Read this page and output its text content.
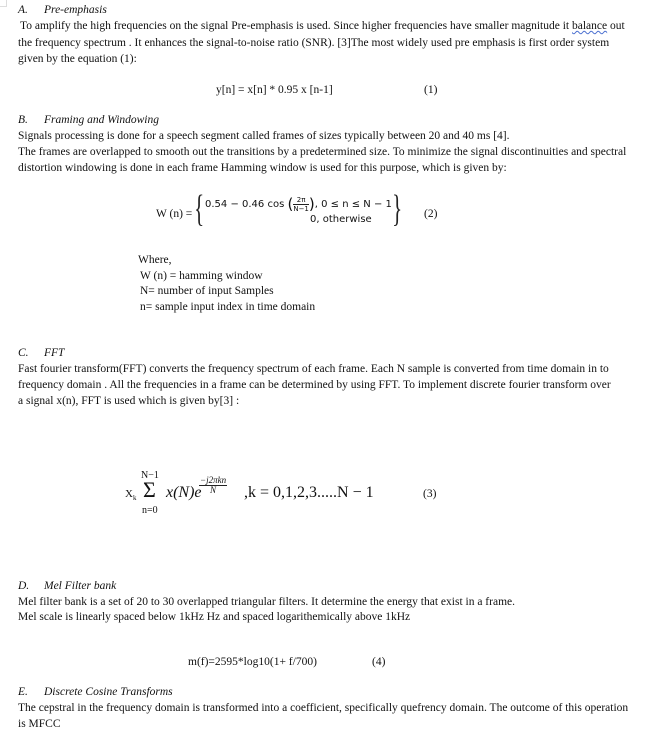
A. Pre-emphasis
To amplify the high frequencies on the signal Pre-emphasis is used. Since higher frequencies have smaller magnitude it balance out
the frequency spectrum . It enhances the signal-to-noise ratio (SNR). [3]The most widely used pre emphasis is first order system
given by the equation (1):
y[n] = x[n] * 0.95 x [n-1]	(1)
B. Framing and Windowing
Signals processing is done for a speech segment called frames of sizes typically between 20 and 40 ms [4].
The frames are overlapped to smooth out the transitions by a predetermined size. To minimize the signal discontinuities and spectral
distortion windowing is done in each frame Hamming window is used for this purpose, which is given by:
W (n) = { 0.54 − 0.46 cos ( $\frac{2\pi}{N-1}$ ), 0 ≤ n ≤ N − 1
0, otherwise } (2)
Where,
W (n) = hamming window
N= number of input Samples
n= sample input index in time domain
C. FFT
Fast fourier transform(FFT) converts the frequency spectrum of each frame. Each N sample is converted from time domain in to
frequency domain . All the frequencies in a frame can be determined by using FFT. To implement discrete fourier transform over
a signal x(n), FFT is used which is given by[3] :
$X_k$
N−1
Σ
n=0
x(N)e
−j2πkn
N	,k = 0,1,2,3.....N − 1	(3)
D. Mel Filter bank
Mel filter bank is a set of 20 to 30 overlapped triangular filters. It determine the energy that exist in a frame.
Mel scale is linearly spaced below 1kHz Hz and spaced logarithemically above 1kHz
m(f)=2595*log10(1+ f/700)	(4)
E. Discrete Cosine Transforms
The cepstral in the frequency domain is transformed into a coefficient, specifically quefrency domain. The outcome of this operation
is MFCC
